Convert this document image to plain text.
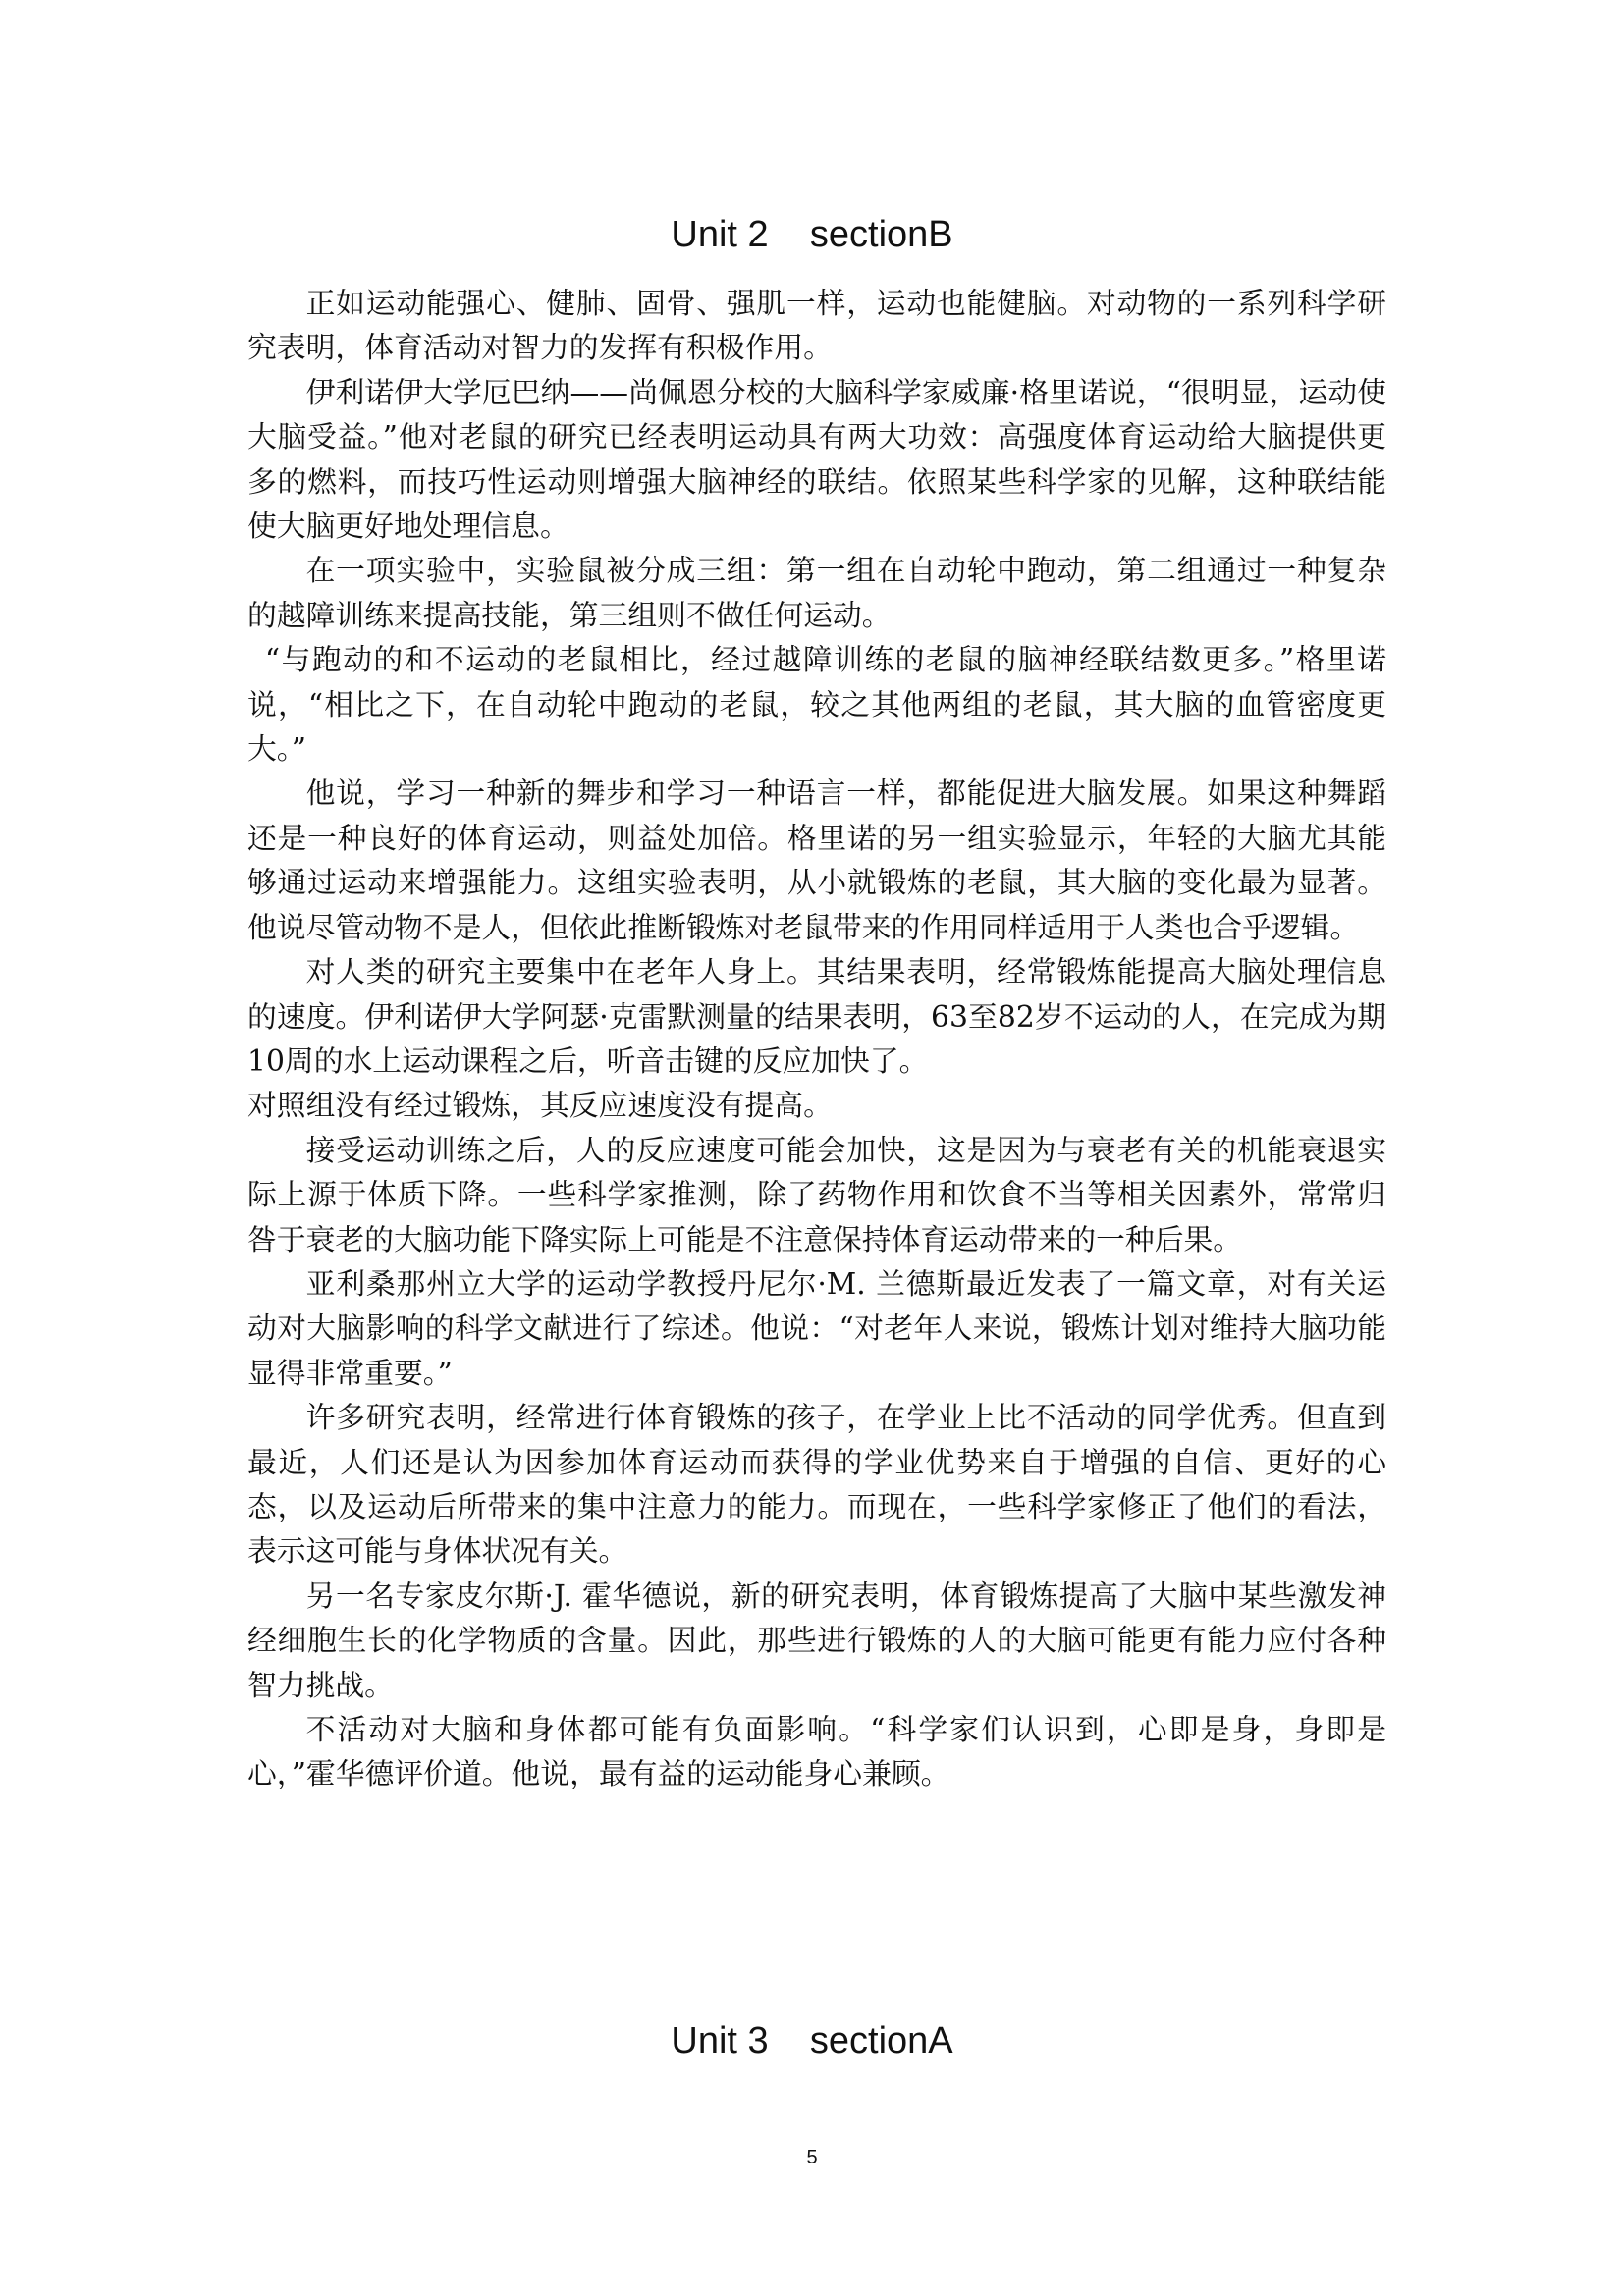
Unit 2    sectionB

正如运动能强心、健肺、固骨、强肌一样，运动也能健脑。对动物的一系列科学研究表明，体育活动对智力的发挥有积极作用。

伊利诺伊大学厄巴纳——尚佩恩分校的大脑科学家威廉·格里诺说，“很明显，运动使大脑受益。”他对老鼠的研究已经表明运动具有两大功效：高强度体育运动给大脑提供更多的燃料，而技巧性运动则增强大脑神经的联结。依照某些科学家的见解，这种联结能使大脑更好地处理信息。

在一项实验中，实验鼠被分成三组：第一组在自动轮中跑动，第二组通过一种复杂的越障训练来提高技能，第三组则不做任何运动。

“与跑动的和不运动的老鼠相比，经过越障训练的老鼠的脑神经联结数更多。”格里诺说，“相比之下，在自动轮中跑动的老鼠，较之其他两组的老鼠，其大脑的血管密度更大。”

他说，学习一种新的舞步和学习一种语言一样，都能促进大脑发展。如果这种舞蹈还是一种良好的体育运动，则益处加倍。格里诺的另一组实验显示，年轻的大脑尤其能够通过运动来增强能力。这组实验表明，从小就锻炼的老鼠，其大脑的变化最为显著。他说尽管动物不是人，但依此推断锻炼对老鼠带来的作用同样适用于人类也合乎逻辑。

对人类的研究主要集中在老年人身上。其结果表明，经常锻炼能提高大脑处理信息的速度。伊利诺伊大学阿瑟·克雷默测量的结果表明，63至82岁不运动的人，在完成为期10周的水上运动课程之后，听音击键的反应加快了。

对照组没有经过锻炼，其反应速度没有提高。

接受运动训练之后，人的反应速度可能会加快，这是因为与衰老有关的机能衰退实际上源于体质下降。一些科学家推测，除了药物作用和饮食不当等相关因素外，常常归咎于衰老的大脑功能下降实际上可能是不注意保持体育运动带来的一种后果。

亚利桑那州立大学的运动学教授丹尼尔·M. 兰德斯最近发表了一篇文章，对有关运动对大脑影响的科学文献进行了综述。他说：“对老年人来说，锻炼计划对维持大脑功能显得非常重要。”

许多研究表明，经常进行体育锻炼的孩子，在学业上比不活动的同学优秀。但直到最近，人们还是认为因参加体育运动而获得的学业优势来自于增强的自信、更好的心态，以及运动后所带来的集中注意力的能力。而现在，一些科学家修正了他们的看法，表示这可能与身体状况有关。

另一名专家皮尔斯·J. 霍华德说，新的研究表明，体育锻炼提高了大脑中某些激发神经细胞生长的化学物质的含量。因此，那些进行锻炼的人的大脑可能更有能力应付各种智力挑战。

不活动对大脑和身体都可能有负面影响。“科学家们认识到，心即是身，身即是心，”霍华德评价道。他说，最有益的运动能身心兼顾。

Unit 3    sectionA
5
